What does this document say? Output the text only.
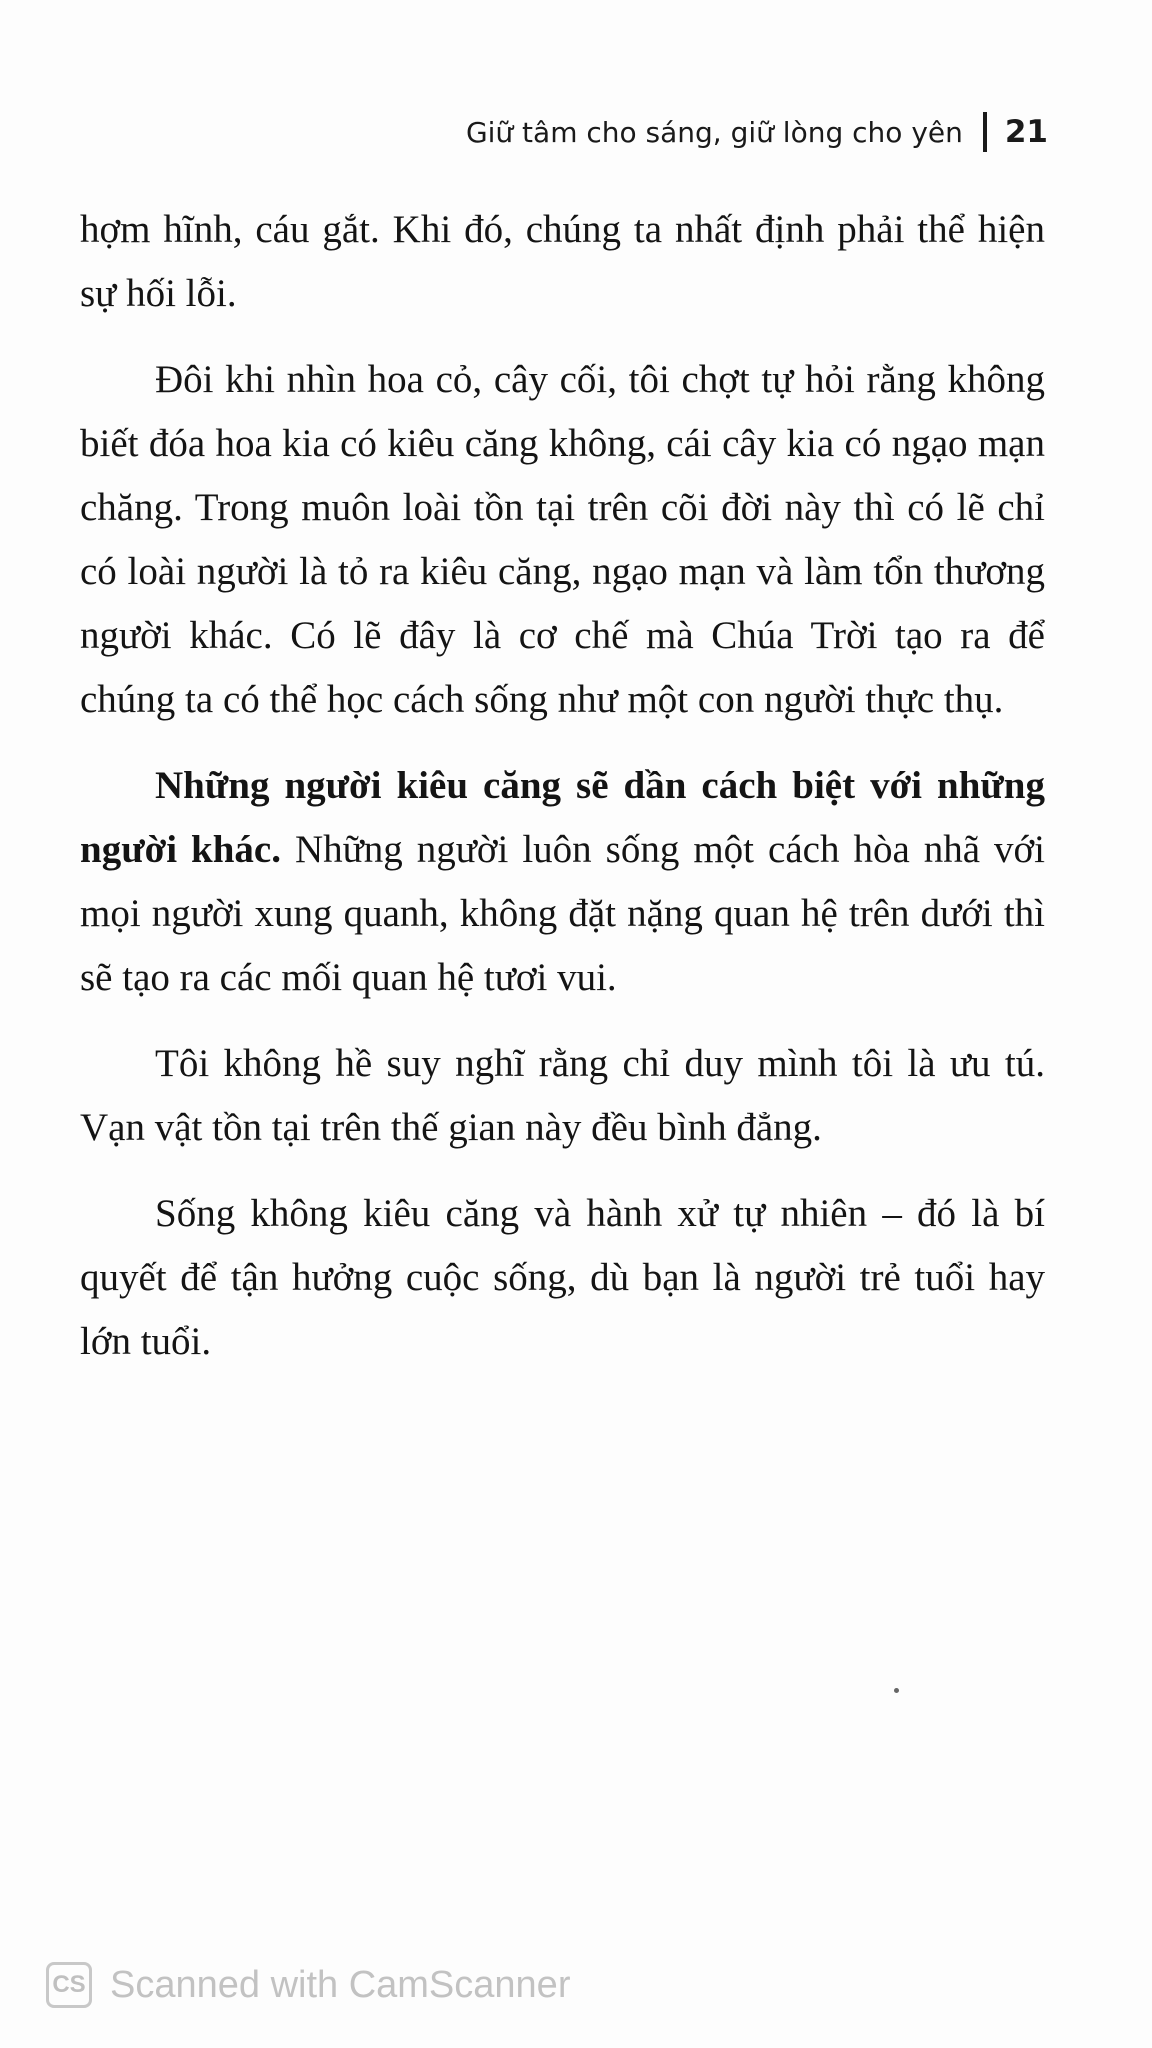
Giữ tâm cho sáng, giữ lòng cho yên 21

hợm hĩnh, cáu gắt. Khi đó, chúng ta nhất định phải thể hiện sự hối lỗi.

Đôi khi nhìn hoa cỏ, cây cối, tôi chợt tự hỏi rằng không biết đóa hoa kia có kiêu căng không, cái cây kia có ngạo mạn chăng. Trong muôn loài tồn tại trên cõi đời này thì có lẽ chỉ có loài người là tỏ ra kiêu căng, ngạo mạn và làm tổn thương người khác. Có lẽ đây là cơ chế mà Chúa Trời tạo ra để chúng ta có thể học cách sống như một con người thực thụ.

Những người kiêu căng sẽ dần cách biệt với những người khác. Những người luôn sống một cách hòa nhã với mọi người xung quanh, không đặt nặng quan hệ trên dưới thì sẽ tạo ra các mối quan hệ tươi vui.

Tôi không hề suy nghĩ rằng chỉ duy mình tôi là ưu tú. Vạn vật tồn tại trên thế gian này đều bình đẳng.

Sống không kiêu căng và hành xử tự nhiên – đó là bí quyết để tận hưởng cuộc sống, dù bạn là người trẻ tuổi hay lớn tuổi.

CS Scanned with CamScanner
